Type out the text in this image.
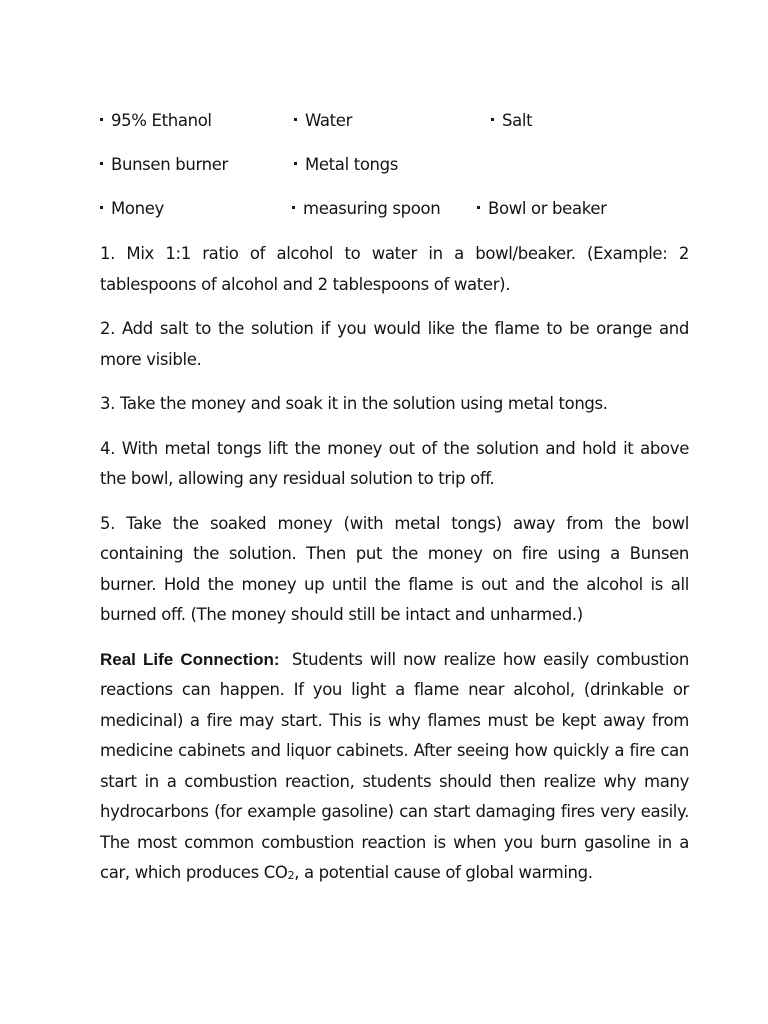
95% Ethanol	Water	Salt
Bunsen burner	Metal tongs
Money	measuring spoon	Bowl or beaker

1. Mix 1:1 ratio of alcohol to water in a bowl/beaker. (Example: 2 tablespoons of alcohol and 2 tablespoons of water).

2. Add salt to the solution if you would like the flame to be orange and more visible.

3. Take the money and soak it in the solution using metal tongs.

4. With metal tongs lift the money out of the solution and hold it above the bowl, allowing any residual solution to trip off.

5. Take the soaked money (with metal tongs) away from the bowl containing the solution. Then put the money on fire using a Bunsen burner. Hold the money up until the flame is out and the alcohol is all burned off. (The money should still be intact and unharmed.)

Real Life Connection: Students will now realize how easily combustion reactions can happen. If you light a flame near alcohol, (drinkable or medicinal) a fire may start. This is why flames must be kept away from medicine cabinets and liquor cabinets. After seeing how quickly a fire can start in a combustion reaction, students should then realize why many hydrocarbons (for example gasoline) can start damaging fires very easily. The most common combustion reaction is when you burn gasoline in a car, which produces $CO_2$, a potential cause of global warming.
